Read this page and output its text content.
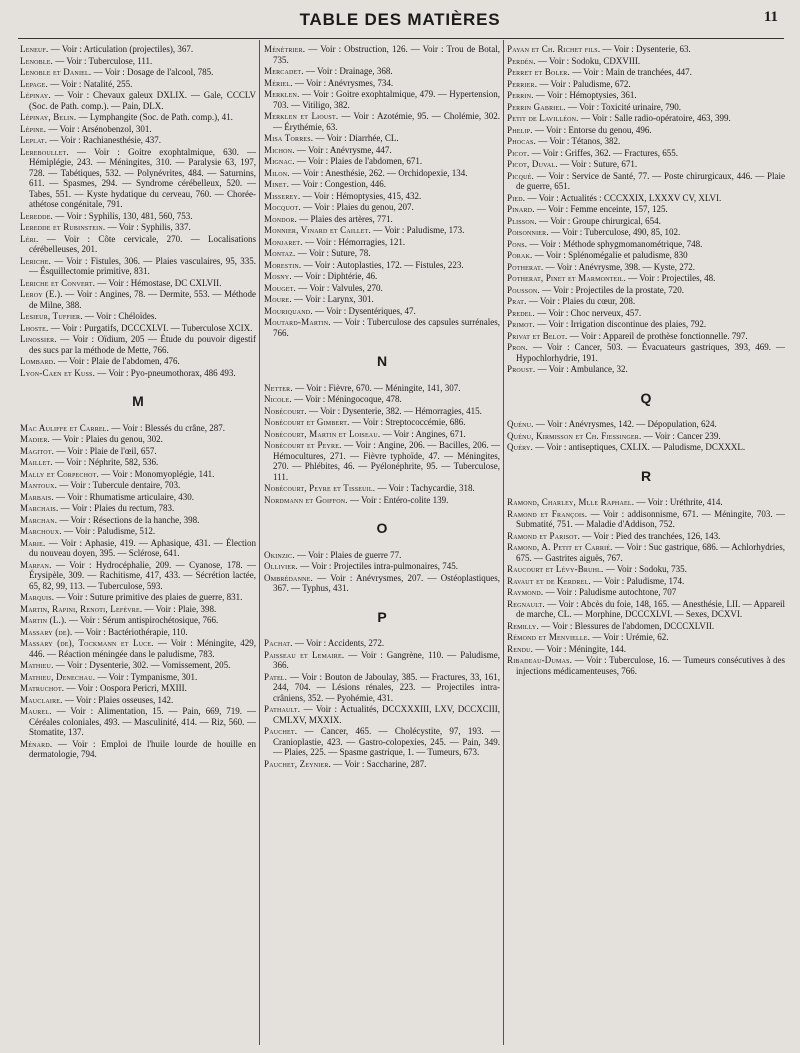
TABLE DES MATIÈRES	11
Leneuf. — Voir : Articulation (projectiles), 367.
Lenoble. — Voir : Tuberculose, 111.
Lenoble et Daniel. — Voir : Dosage de l'alcool, 785.
Lepage. — Voir : Natalité, 255.
Lépinay. — Voir : Chevaux galeux DXLIX. — Gale, CCCLV (Soc. de Path. comp.). — Pain, DLX.
Lépinay, Belin. — Lymphangite (Soc. de Path. comp.), 41.
Lépine. — Voir : Arsénobenzol, 301.
Leplat. — Voir : Rachianesthésie, 437.
Lereboullet. — Voir : Goitre exophtalmique, 630. — Hémiplégie, 243. — Méningites, 310. — Paralysie 63, 197, 728. — Tabétiques, 532. — Polynévrites, 484. — Saturnins, 611. — Spasmes, 294. — Syndrome cérébelleux, 520. — Tabes, 551. — Kyste hydatique du cerveau, 760. — Chorée-athétose congénitale, 791.
Leredde. — Voir : Syphilis, 130, 481, 560, 753.
Leredde et Rubinstein. — Voir : Syphilis, 337.
Léri. — Voir : Côte cervicale, 270. — Localisations cérébelleuses, 201.
Leriche. — Voir : Fistules, 306. — Plaies vasculaires, 95, 335. — Ésquillectomie primitive, 831.
Leriche et Convert. — Voir : Hémostase, DC CXLVII.
Leroy (E.). — Voir : Angines, 78. — Dermite, 553. — Méthode de Milne, 388.
Lesieur, Tuffier. — Voir : Chéloïdes.
Lhoste. — Voir : Purgatifs, DCCCXLVI. — Tuberculose XCIX.
Linossier. — Voir : Oïdium, 205 — Étude du pouvoir digestif des sucs par la méthode de Mette, 766.
Lombard. — Voir : Plaie de l'abdomen, 476.
Lyon-Caen et Kuss. — Voir : Pyo-pneumothorax, 486 493.
M
Mac Auliffe et Carrel. — Voir : Blessés du crâne, 287.
Madier. — Voir : Plaies du genou, 302.
Magitot. — Voir : Plaie de l'œil, 657.
Maillet. — Voir : Néphrite, 582, 536.
Mally et Corpechot. — Voir : Monomyoplégie, 141.
Mantoux. — Voir : Tubercule dentaire, 703.
Marbais. — Voir : Rhumatisme articulaire, 430.
Marchais. — Voir : Plaies du rectum, 783.
Marchan. — Voir : Résections de la hanche, 398.
Marchoux. — Voir : Paludisme, 512.
Marie. — Voir : Aphasie, 419. — Aphasique, 431. — Élection du nouveau doyen, 395. — Sclérose, 641.
Marfan. — Voir : Hydrocéphalie, 209. — Cyanose, 178. — Érysipèle, 309. — Rachitisme, 417, 433. — Sécrétion lactée, 65, 82, 99, 113. — Tuberculose, 593.
Marquis. — Voir : Suture primitive des plaies de guerre, 831.
Martin, Rapini, Renoti, Lefèvre. — Voir : Plaie, 398.
Martin (L.). — Voir : Sérum antispirochétosique, 766.
Massary (de). — Voir : Bactériothérapie, 110.
Massary (de), Tockmann et Luce. — Voir : Méningite, 429, 446. — Réaction méningée dans le paludisme, 783.
Mathieu. — Voir : Dysenterie, 302. — Vomissement, 205.
Mathieu, Denechau. — Voir : Tympanisme, 301.
Matruchot. — Voir : Oospora Pericri, MXIII.
Mauclaire. — Voir : Plaies osseuses, 142.
Maurel. — Voir : Alimentation, 15. — Pain, 669, 719. — Céréales coloniales, 493. — Masculinité, 414. — Riz, 560. — Stomatite, 137.
Ménard. — Voir : Emploi de l'huile lourde de houille en dermatologie, 794.
Ménétrier. — Voir : Obstruction, 126. — Voir : Trou de Botal, 735.
Mercadet. — Voir : Drainage, 368.
Mériel. — Voir : Anévrysmes, 734.
Merklen. — Voir : Goitre exophtalmique, 479. — Hypertension, 703. — Vitiligo, 382.
Merklen et Lioust. — Voir : Azotémie, 95. — Cholémie, 302. — Érythémie, 63.
Misa Torres. — Voir : Diarrhée, CL.
Michon. — Voir : Anévrysme, 447.
Mignac. — Voir : Plaies de l'abdomen, 671.
Milon. — Voir : Anesthésie, 262. — Orchidopexie, 134.
Minet. — Voir : Congestion, 446.
Misserey. — Voir : Hémoptysies, 415, 432.
Mocquot. — Voir : Plaies du genou, 207.
Mondor. — Plaies des artères, 771.
Monnier, Vinard et Caillet. — Voir : Paludisme, 173.
Monjaret. — Voir : Hémorragies, 121.
Montaz. — Voir : Suture, 78.
Morestin. — Voir : Autoplasties, 172. — Fistules, 223.
Mosny. — Voir : Diphtérie, 46.
Mouget. — Voir : Valvules, 270.
Moure. — Voir : Larynx, 301.
Mouriquand. — Voir : Dysentériques, 47.
Moutard-Martin. — Voir : Tuberculose des capsules surrénales, 766.
N
Netter. — Voir : Fièvre, 670. — Méningite, 141, 307.
Nicole. — Voir : Méningocoque, 478.
Nobécourt. — Voir : Dysenterie, 382. — Hémorragies, 415.
Nobécourt et Gimbert. — Voir : Streptococcémie, 686.
Nobécourt, Martin et Loiseau. — Voir : Angines, 671.
Nobécourt et Peyre. — Voir : Angine, 206. — Bacilles, 206. — Hémocultures, 271. — Fièvre typhoïde, 47. — Méningites, 270. — Phlébites, 46. — Pyélonéphrite, 95. — Tuberculose, 111.
Nobécourt, Peyre et Tisseuil. — Voir : Tachycardie, 318.
Nordmann et Goiffon. — Voir : Entéro-colite 139.
O
Okinzic. — Voir : Plaies de guerre 77.
Ollivier. — Voir : Projectiles intra-pulmonaires, 745.
Ombrédanne. — Voir : Anévrysmes, 207. — Ostéoplastiques, 367. — Typhus, 431.
P
Pachat. — Voir : Accidents, 272.
Paisseau et Lemaire. — Voir : Gangrène, 110. — Paludisme, 366.
Patel. — Voir : Bouton de Jaboulay, 385. — Fractures, 33, 161, 244, 704. — Lésions rénales, 223. — Projectiles intra-crâniens, 352. — Pyohémie, 431.
Pathault. — Voir : Actualités, DCCXXXIII, LXV, DCCXCIII, CMLXV, MXXIX.
Pauchet. — Cancer, 465. — Cholécystite, 97, 193. — Cranioplastie, 423. — Gastro-colopexies, 245. — Pain, 349. — Plaies, 225. — Spasme gastrique, 1. — Tumeurs, 673.
Pauchet, Zeynier. — Voir : Saccharine, 287.
Payan et Ch. Richet fils. — Voir : Dysenterie, 63.
Perdén. — Voir : Sodoku, CDXVIII.
Perret et Boler. — Voir : Main de tranchées, 447.
Perrier. — Voir : Paludisme, 672.
Perrin. — Voir : Hémoptysies, 361.
Perrin Gabriel. — Voir : Toxicité urinaire, 790.
Petit de Lavilléon. — Voir : Salle radio-opératoire, 463, 399.
Phelip. — Voir : Entorse du genou, 496.
Phocas. — Voir : Tétanos, 382.
Picot. — Voir : Griffes, 362. — Fractures, 655.
Picot, Duval. — Voir : Suture, 671.
Picqué. — Voir : Service de Santé, 77. — Poste chirurgicaux, 446. — Plaie de guerre, 651.
Pied. — Voir : Actualités : CCCXXIX, LXXXV CV, XLVI.
Pinard. — Voir : Femme enceinte, 157, 125.
Plisson. — Voir : Groupe chirurgical, 654.
Poisonnier. — Voir : Tuberculose, 490, 85, 102.
Pons. — Voir : Méthode sphygmomanométrique, 748.
Porak. — Voir : Splénomégalie et paludisme, 830
Potherat. — Voir : Anévrysme, 398. — Kyste, 272.
Potherat, Pinet et Marmonteil. — Voir : Projectiles, 48.
Pousson. — Voir : Projectiles de la prostate, 720.
Prat. — Voir : Plaies du cœur, 208.
Predel. — Voir : Choc nerveux, 457.
Primot. — Voir : Irrigation discontinue des plaies, 792.
Privat et Belot. — Voir : Appareil de prothèse fonctionnelle. 797.
Pron. — Voir : Cancer, 503. — Évacuateurs gastriques, 393, 469. — Hypochlorhydrie, 191.
Proust. — Voir : Ambulance, 32.
Q
Quénu. — Voir : Anévrysmes, 142. — Dépopulation, 624.
Quénu, Kirmisson et Ch. Fiessinger. — Voir : Cancer 239.
Quéry. — Voir : antiseptiques, CXLIX. — Paludisme, DCXXXL.
R
Ramond, Charley, Mlle Raphael. — Voir : Uréthrite, 414.
Ramond et François. — Voir : addisonnisme, 671. — Méningite, 703. — Submatité, 751. — Maladie d'Addison, 752.
Ramond et Parisot. — Voir : Pied des tranchées, 126, 143.
Ramond, A. Petit et Carrié. — Voir : Suc gastrique, 686. — Achlorhydries, 675. — Gastrites aiguës, 767.
Raucourt et Lévy-Bruhl. — Voir : Sodoku, 735.
Ravaut et de Kerdrel. — Voir : Paludisme, 174.
Raymond. — Voir : Paludisme autochtone, 707
Regnault. — Voir : Abcès du foie, 148, 165. — Anesthésie, LII. — Appareil de marche, CL. — Morphine, DCCCXLVI. — Sexes, DCXVI.
Remilly. — Voir : Blessures de l'abdomen, DCCCXLVII.
Rémond et Menvielle. — Voir : Urémie, 62.
Rendu. — Voir : Méningite, 144.
Ribadeau-Dumas. — Voir : Tuberculose, 16. — Tumeurs consécutives à des injections médicamenteuses, 766.
